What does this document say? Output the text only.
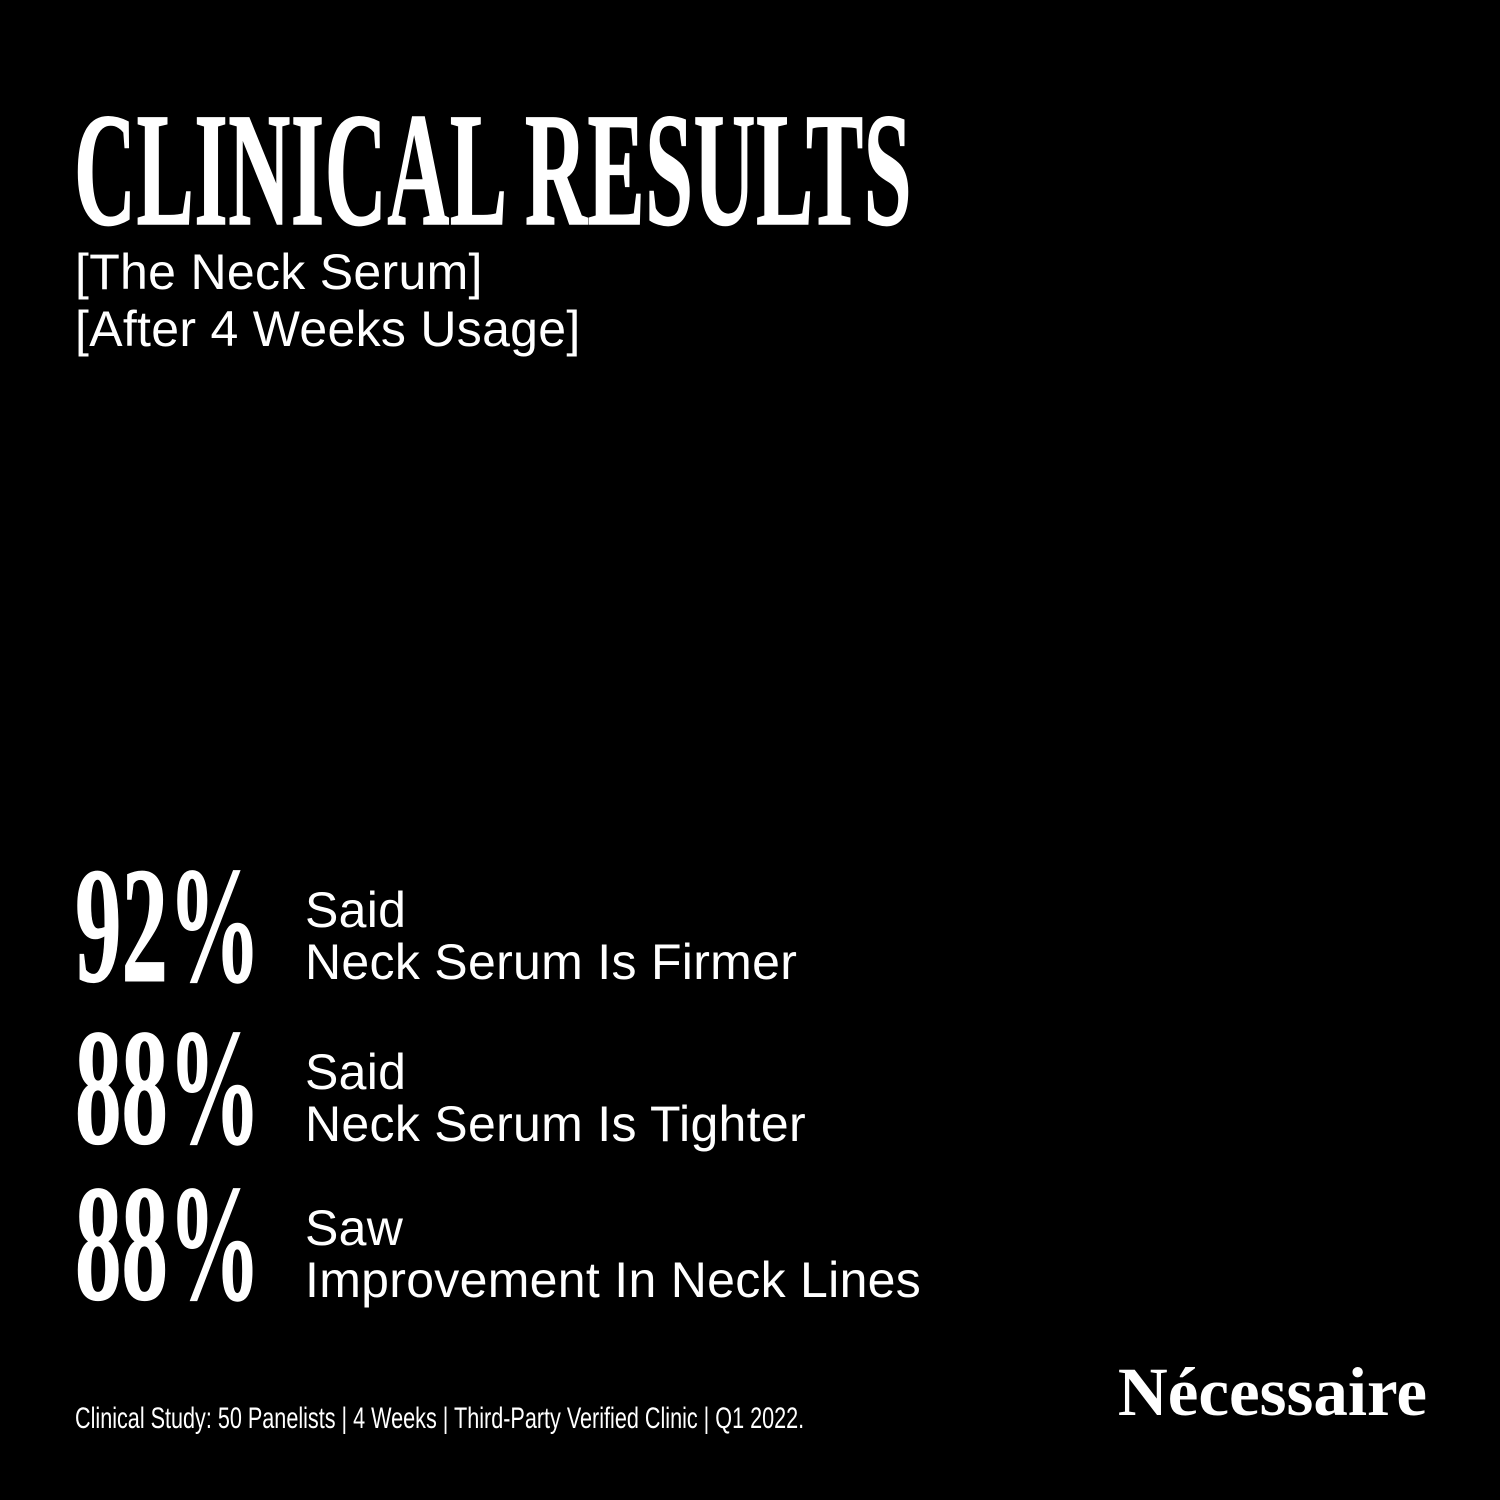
CLINICAL RESULTS
[The Neck Serum]
[After 4 Weeks Usage]
92% Said
Neck Serum Is Firmer
88% Said
Neck Serum Is Tighter
88% Saw
Improvement In Neck Lines
Clinical Study: 50 Panelists | 4 Weeks | Third-Party Verified Clinic | Q1 2022.	Nécessaire
